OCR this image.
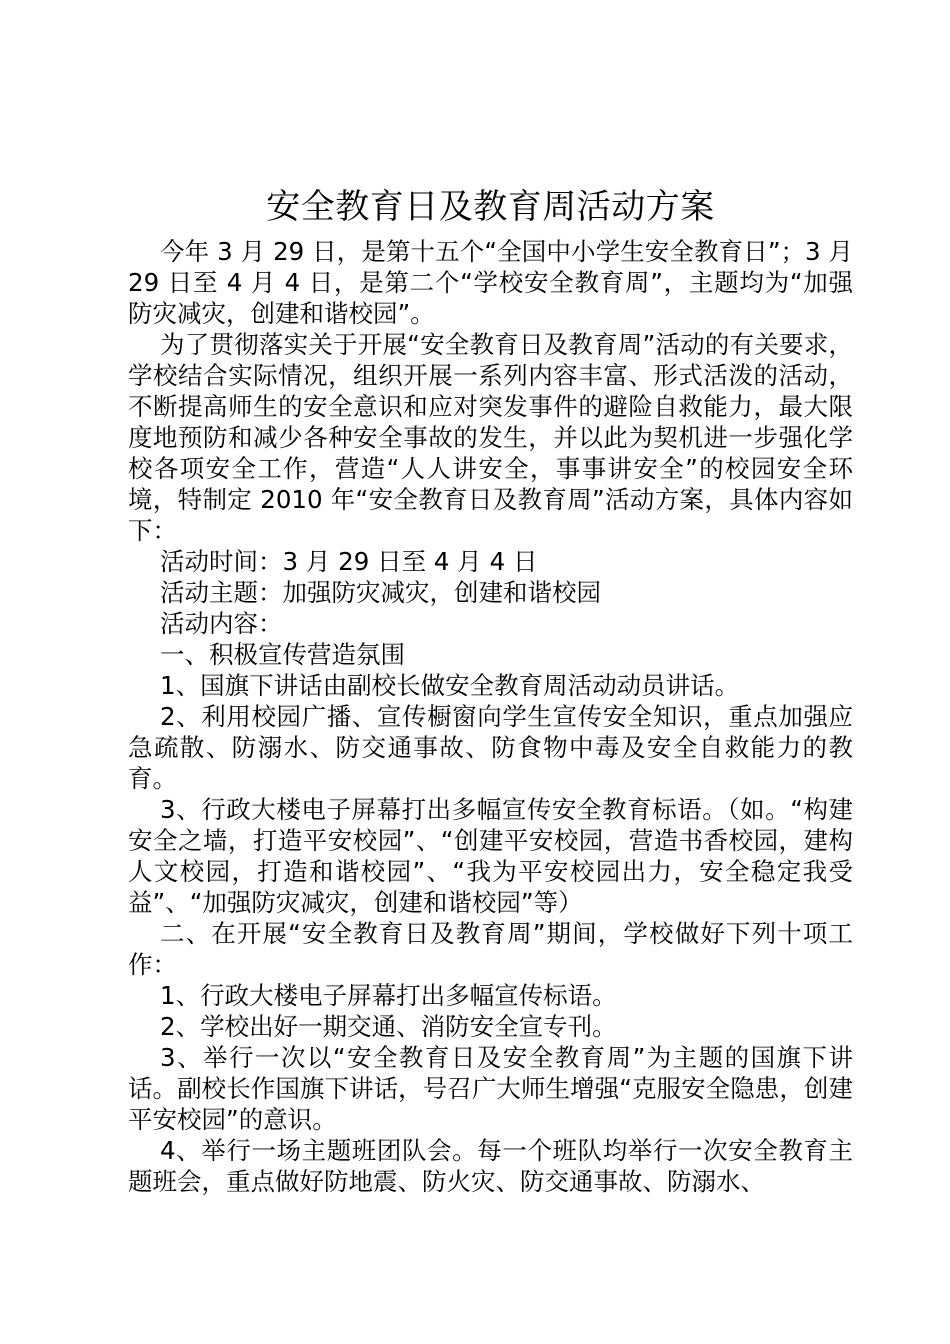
安全教育日及教育周活动方案

今年 3 月 29 日，是第十五个“全国中小学生安全教育日”；3 月 29 日至 4 月 4 日，是第二个“学校安全教育周”，主题均为“加强防灾减灾，创建和谐校园”。

为了贯彻落实关于开展“安全教育日及教育周”活动的有关要求，学校结合实际情况，组织开展一系列内容丰富、形式活泼的活动，不断提高师生的安全意识和应对突发事件的避险自救能力，最大限度地预防和减少各种安全事故的发生，并以此为契机进一步强化学校各项安全工作，营造“人人讲安全，事事讲安全”的校园安全环境，特制定 2010 年“安全教育日及教育周”活动方案，具体内容如下：

活动时间：3 月 29 日至 4 月 4 日

活动主题：加强防灾减灾，创建和谐校园

活动内容：

一、积极宣传营造氛围

1、国旗下讲话由副校长做安全教育周活动动员讲话。

2、利用校园广播、宣传橱窗向学生宣传安全知识，重点加强应急疏散、防溺水、防交通事故、防食物中毒及安全自救能力的教育。

3、行政大楼电子屏幕打出多幅宣传安全教育标语。（如。“构建安全之墙，打造平安校园”、“创建平安校园，营造书香校园，建构人文校园，打造和谐校园”、“我为平安校园出力，安全稳定我受益”、“加强防灾减灾，创建和谐校园”等）

二、在开展“安全教育日及教育周”期间，学校做好下列十项工作：

1、行政大楼电子屏幕打出多幅宣传标语。

2、学校出好一期交通、消防安全宣专刊。

3、举行一次以“安全教育日及安全教育周”为主题的国旗下讲话。副校长作国旗下讲话，号召广大师生增强“克服安全隐患，创建平安校园”的意识。

4、举行一场主题班团队会。每一个班队均举行一次安全教育主题班会，重点做好防地震、防火灾、防交通事故、防溺水、
